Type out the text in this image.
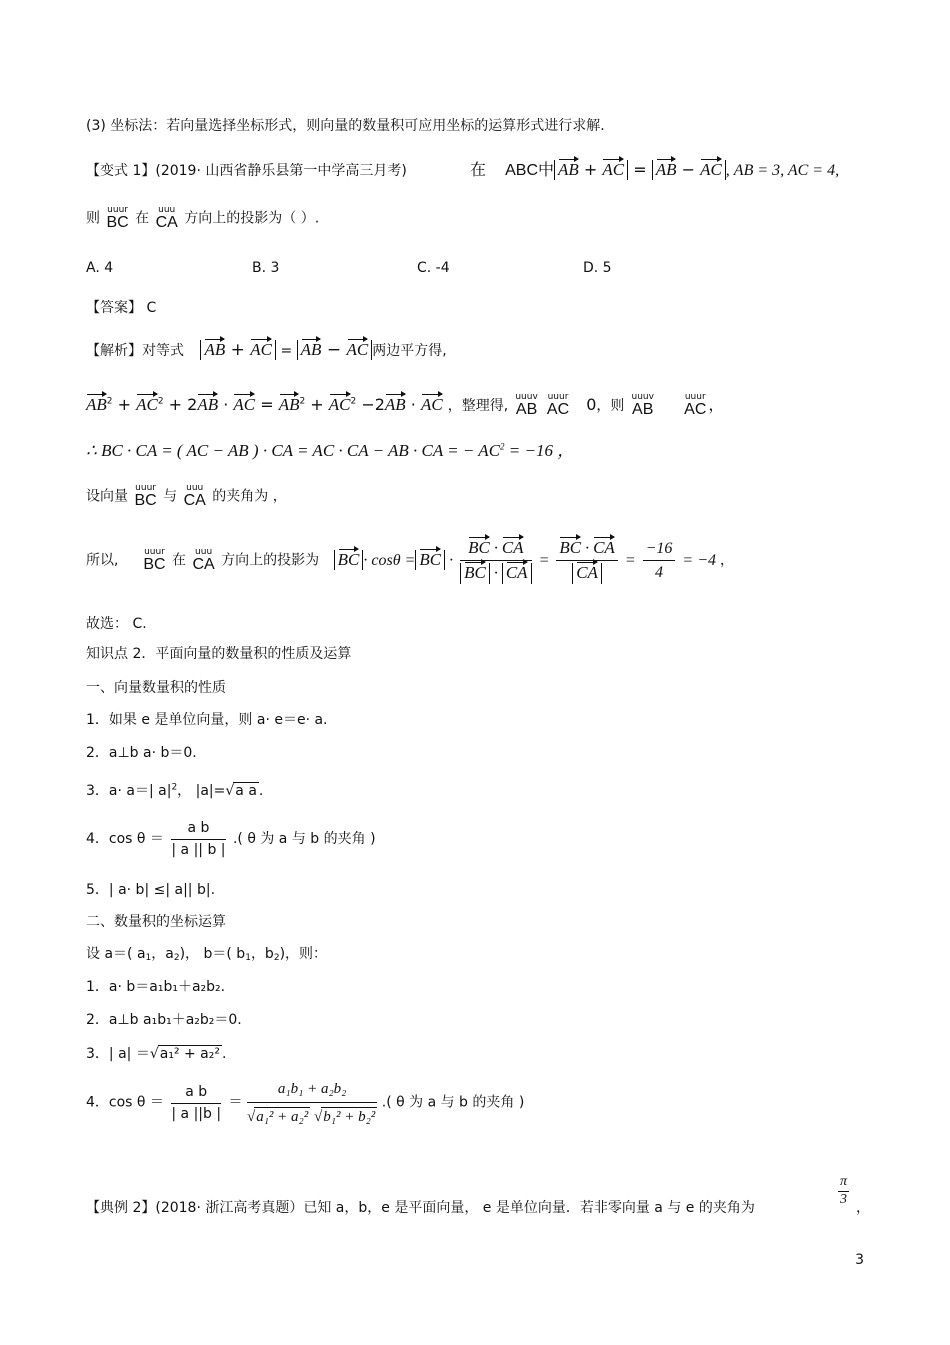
(3) 坐标法：若向量选择坐标形式，则向量的数量积可应用坐标的运算形式进行求解.
【变式 1】(2019· 山西省静乐县第一中学高三月考)	在 ABC中 AB + AC = AB − AC , AB = 3, AC = 4,
则
uuur
BC 在
uuu
CA 方向上的投影为（ ）.
A. 4	B. 3	C. -4	D. 5
【答案】 C
【解析】对等式 AB + AC = AB − AC 两边平方得,
$AB^2 + AC^2 + 2AB$ · AC = $AB^2 + AC^2 -2AB$ · AC ，整理得,
uuuv
AB

uuur
AC 0，则
uuuv
AB

uuur
AC ，
∴ BC · CA = ( AC − AB ) · CA = AC · CA − AB · CA = − $AC^2 = -16$ ，
设向量
uuur
BC 与
uuu
CA 的夹角为 ，
所以,
uuur
BC 在
uuu
CA 方向上的投影为 BC · cosθ = BC · $\frac{BC \cdot CA}{BC \cdot CA} = \frac{BC \cdot CA}{CA} = \frac{-16}{4} = -4$ ，
故选： C.
知识点 2．平面向量的数量积的性质及运算
一、向量数量积的性质
1．如果 e 是单位向量，则 a· e＝e· a.
2．a⊥b a· b＝0.
3．a· a＝| $a|^2$， |a|=√a a .
4．$\cos \theta = \frac{\text{a b}}{| a || b |}$ .( θ 为 a 与 b 的夹角 )
5．| a· b| ≤| a|| b|.
二、数量积的坐标运算
设 a＝( $a_1$，$a_2$)， b＝( $b_1$，$b_2$)，则：
1．a· b＝a₁b₁＋a₂b₂.
2．a⊥b a₁b₁＋a₂b₂＝0.
3．| a| ＝√a₁² + a₂² .
4．$\cos \theta = \frac{\text{a b}}{| a ||b |} = \frac{\text{a₁b₁ + a₂b₂}}{\text{√a₁² + a₂² √b₁² + b₂²}}$ .( θ 为 a 与 b 的夹角 )
【典例 2】(2018· 浙江高考真题）已知 a，b，e 是平面向量， e 是单位向量．若非零向量 a 与 e 的夹角为
π
3
，
3
